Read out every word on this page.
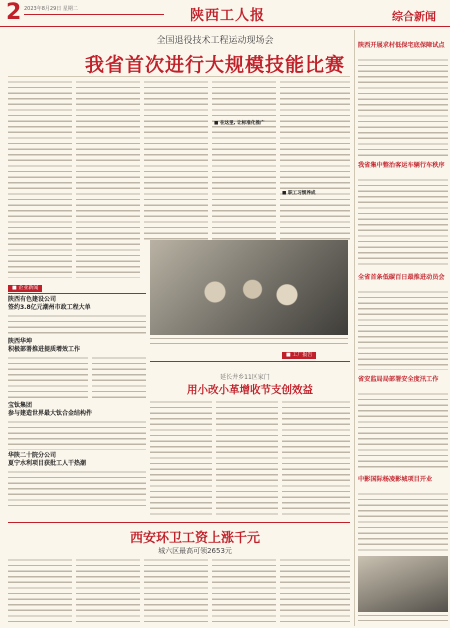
2 2023年8月29日 星期二	陕西工人报	综合新闻
全国退役技术工程运动现场会
我省首次进行大规模技能比赛
■ 在这里, 让标准化推广
■ 职工习惯养成
■ 企业新闻
陕西有色建设公司
签约3.8亿元潮州市政工程大单
陕西华坤
积极部署推进提质增效工作
宝钛集团
参与建造世界最大钛合金结构件
华陕二十院分公司
夏宁水利项目获批工人干热潮
■ 工厂报告
延长井乡11区家门
用小改小革增收节支创效益
西安环卫工资上涨千元
城六区最高可领2653元
陕西开展求村低保宅底保障试点
我省集中整治客运车辆行车秩序
全省首条低碳百日最推进动员会
省安监局局部署安全度汛工作
中影国际杨凌影城项目开业
